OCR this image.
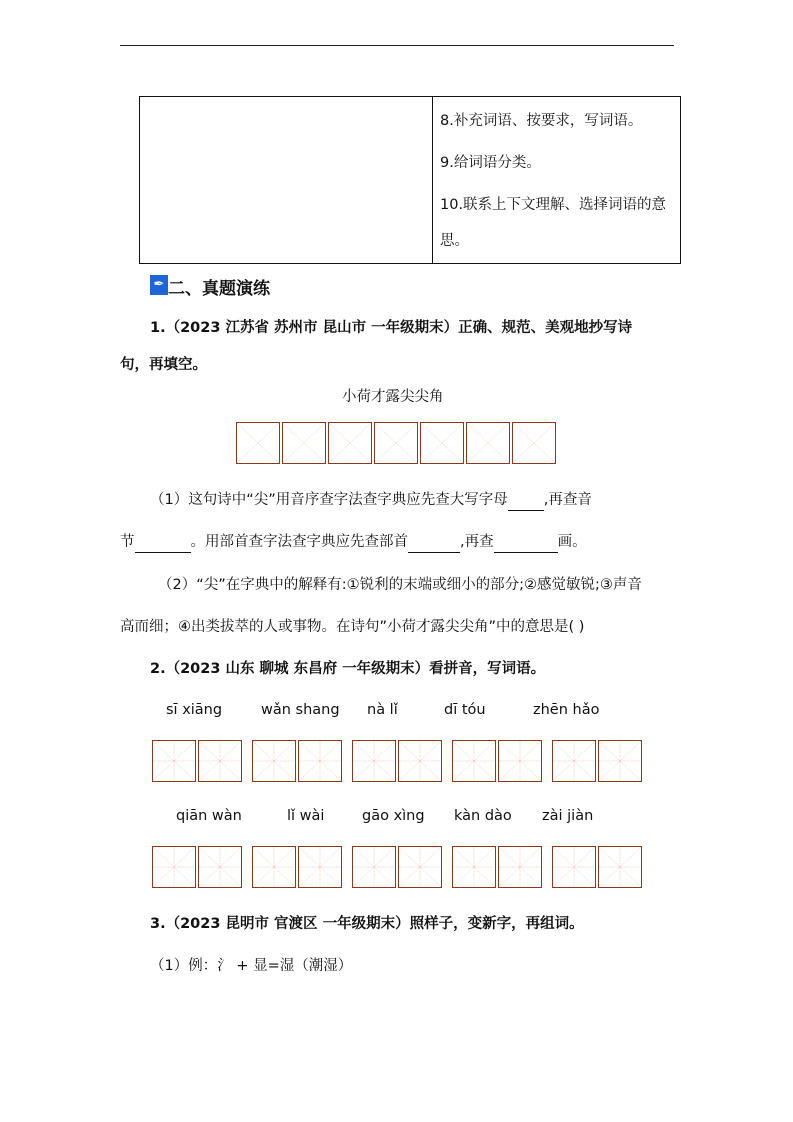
8.补充词语、按要求，写词语。
9.给词语分类。
10.联系上下文理解、选择词语的意
思。
✒ 二、真题演练
1.（2023 江苏省 苏州市 昆山市 一年级期末）正确、规范、美观地抄写诗
句，再填空。
小荷才露尖尖角
（1）这句诗中“尖”用音序查字法查字典应先查大写字母 ,再查音
节	。用部首查字法查字典应先查部首	,再查	画。
（2）“尖”在字典中的解释有:①锐利的末端或细小的部分;②感觉敏锐;③声音
高而细；④出类拔萃的人或事物。在诗句”小荷才露尖尖角”中的意思是( )
2.（2023 山东 聊城 东昌府 一年级期末）看拼音，写词语。
sī xiāng	wǎn shang nà lǐ	dī tóu	zhēn hǎo
qiān wàn	lǐ wài	gāo xìng kàn dào zài jiàn
3.（2023 昆明市 官渡区 一年级期末）照样子，变新字，再组词。
（1）例：氵 + 显=湿（潮湿）
